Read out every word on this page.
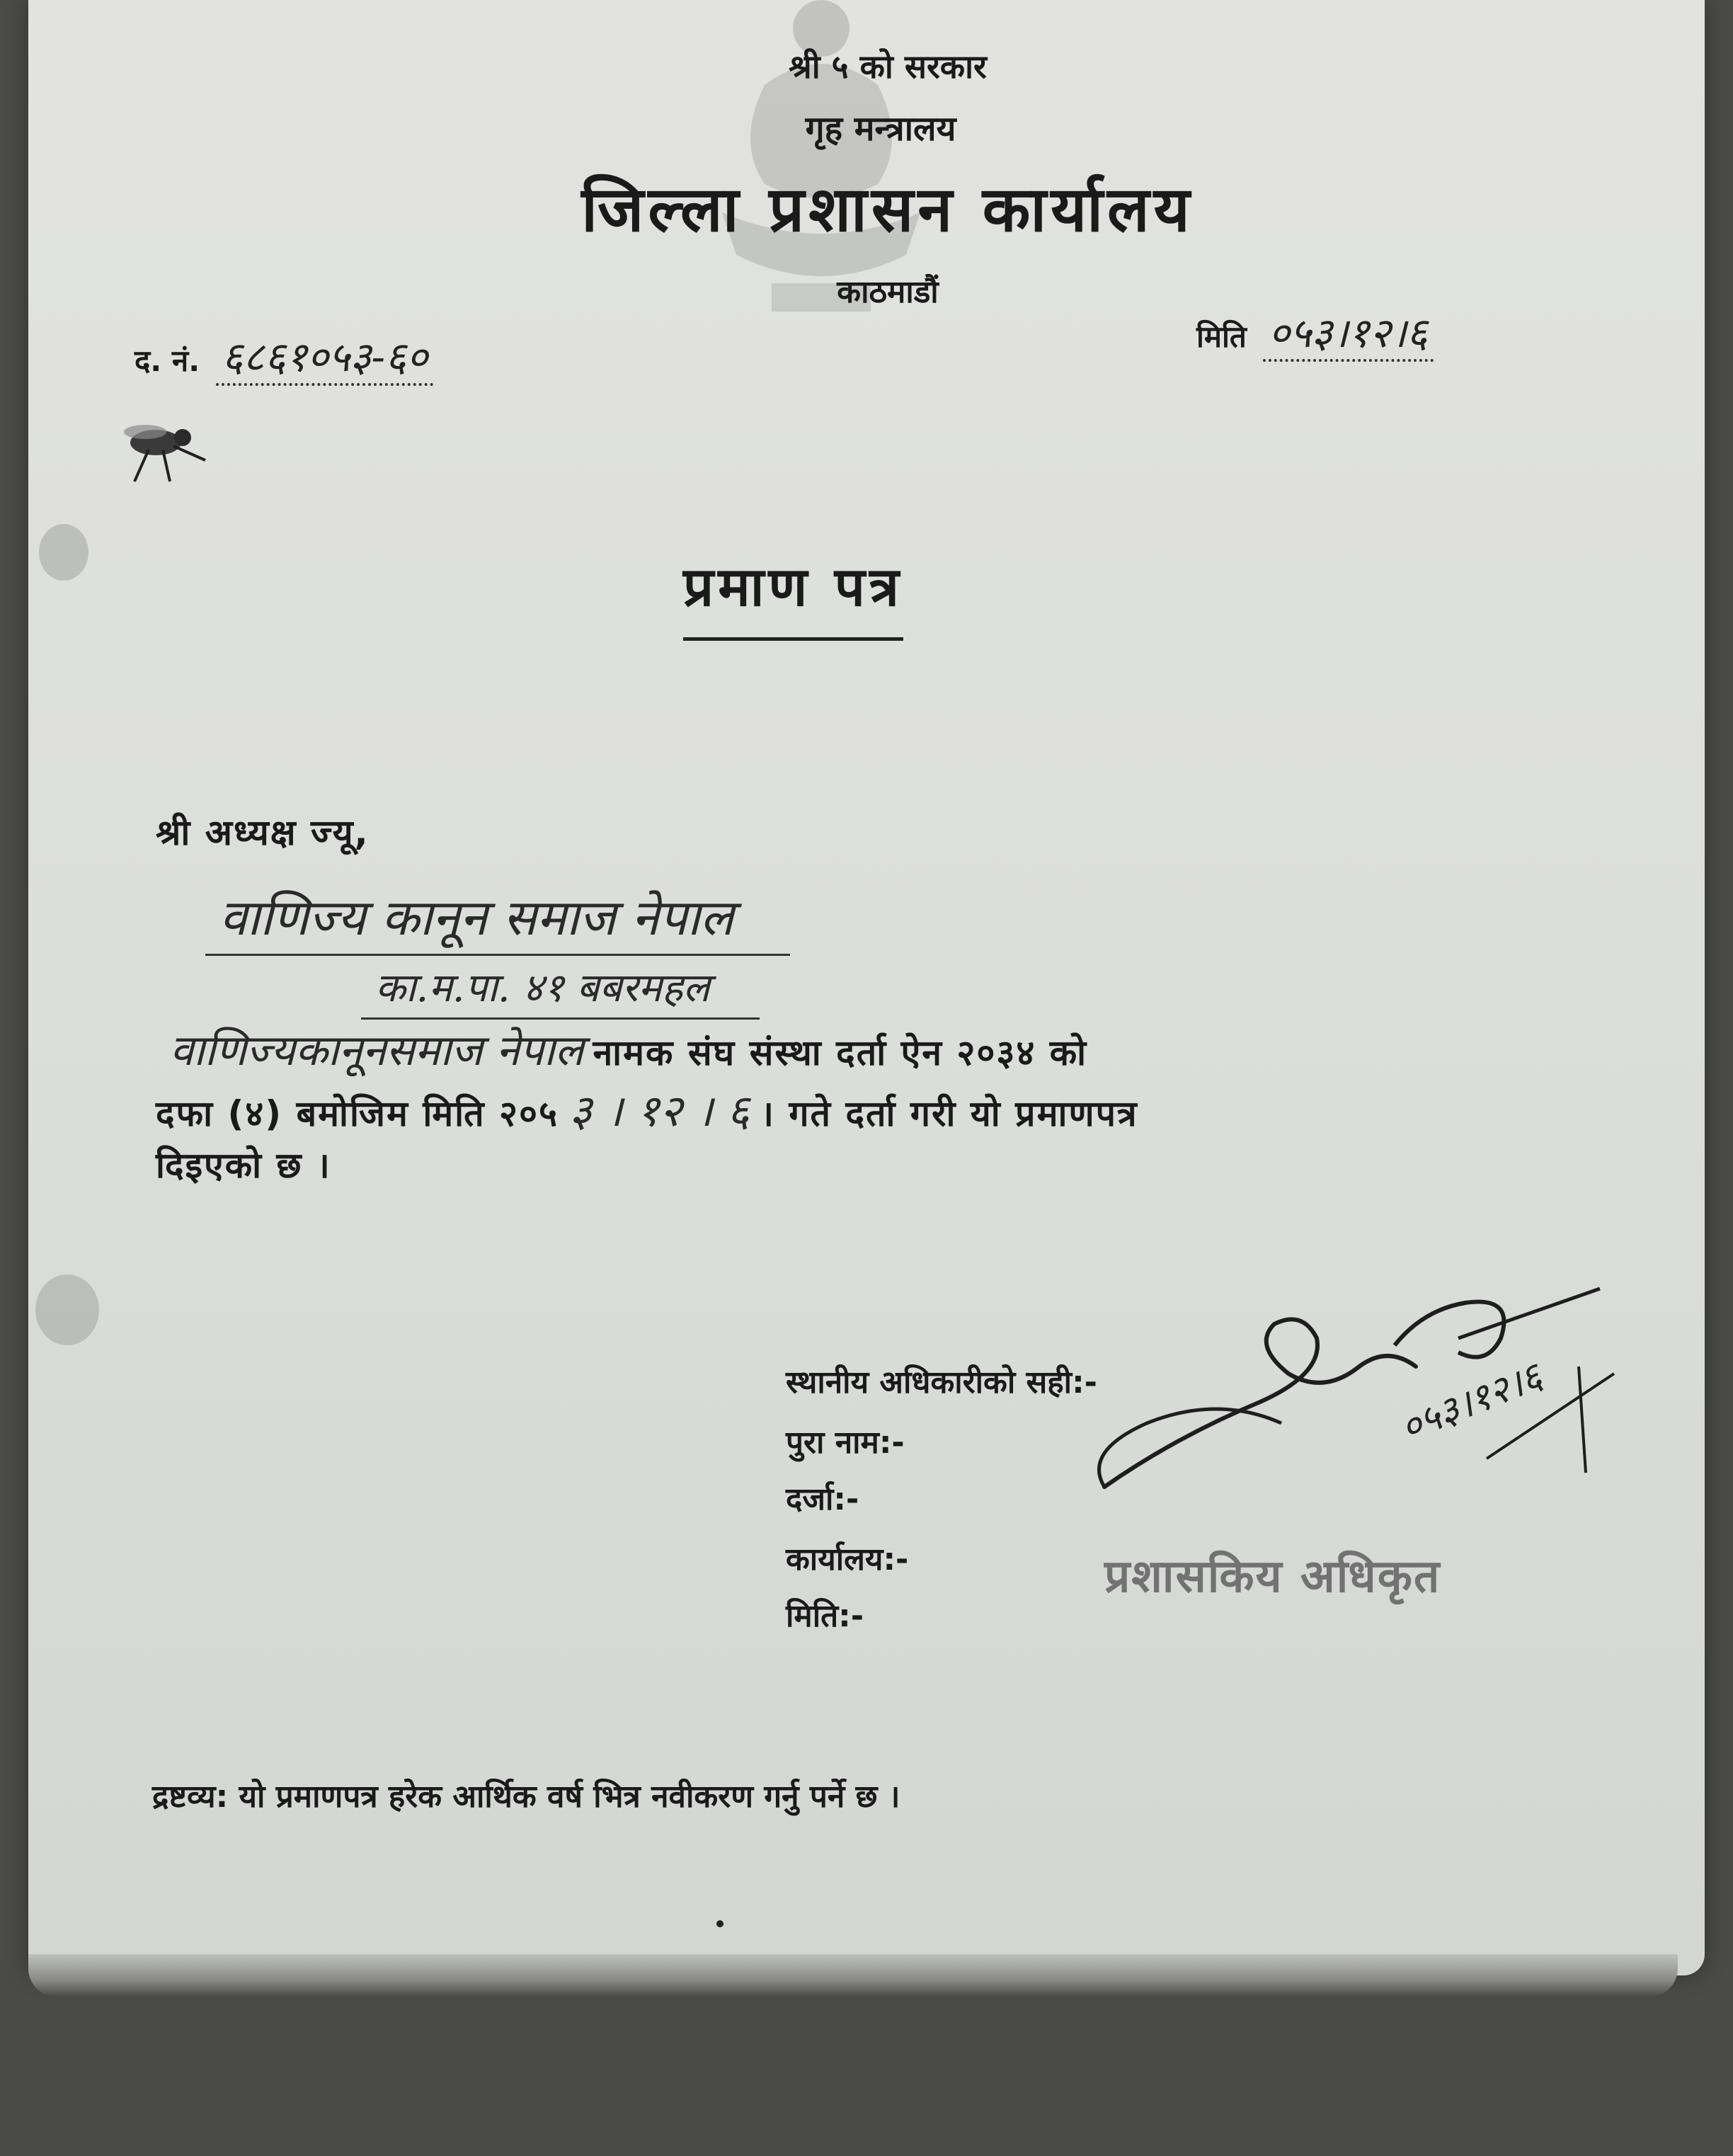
श्री ५ को सरकार
गृह मन्त्रालय
जिल्ला प्रशासन कार्यालय
काठमाडौं
द. नं. ६८६१०५३-६०	मिति ०५३।१२।६
प्रमाण पत्र
श्री अध्यक्ष ज्यू,
वाणिज्य कानून समाज नेपाल
का.म.पा. ४१ बबरमहल
वाणिज्यकानूनसमाज नेपाल नामक संघ संस्था दर्ता ऐन २०३४ को
दफा (४) बमोजिम मिति २०५ ३ । १२ । ६ । गते दर्ता गरी यो प्रमाणपत्र
दिइएको छ ।
स्थानीय अधिकारीको सही:-
पुरा नाम:-
दर्जा:-
कार्यालय:-
मिति:-
०५३।१२।६
प्रशासकिय अधिकृत
द्रष्टव्य: यो प्रमाणपत्र हरेक आर्थिक वर्ष भित्र नवीकरण गर्नु पर्ने छ ।
